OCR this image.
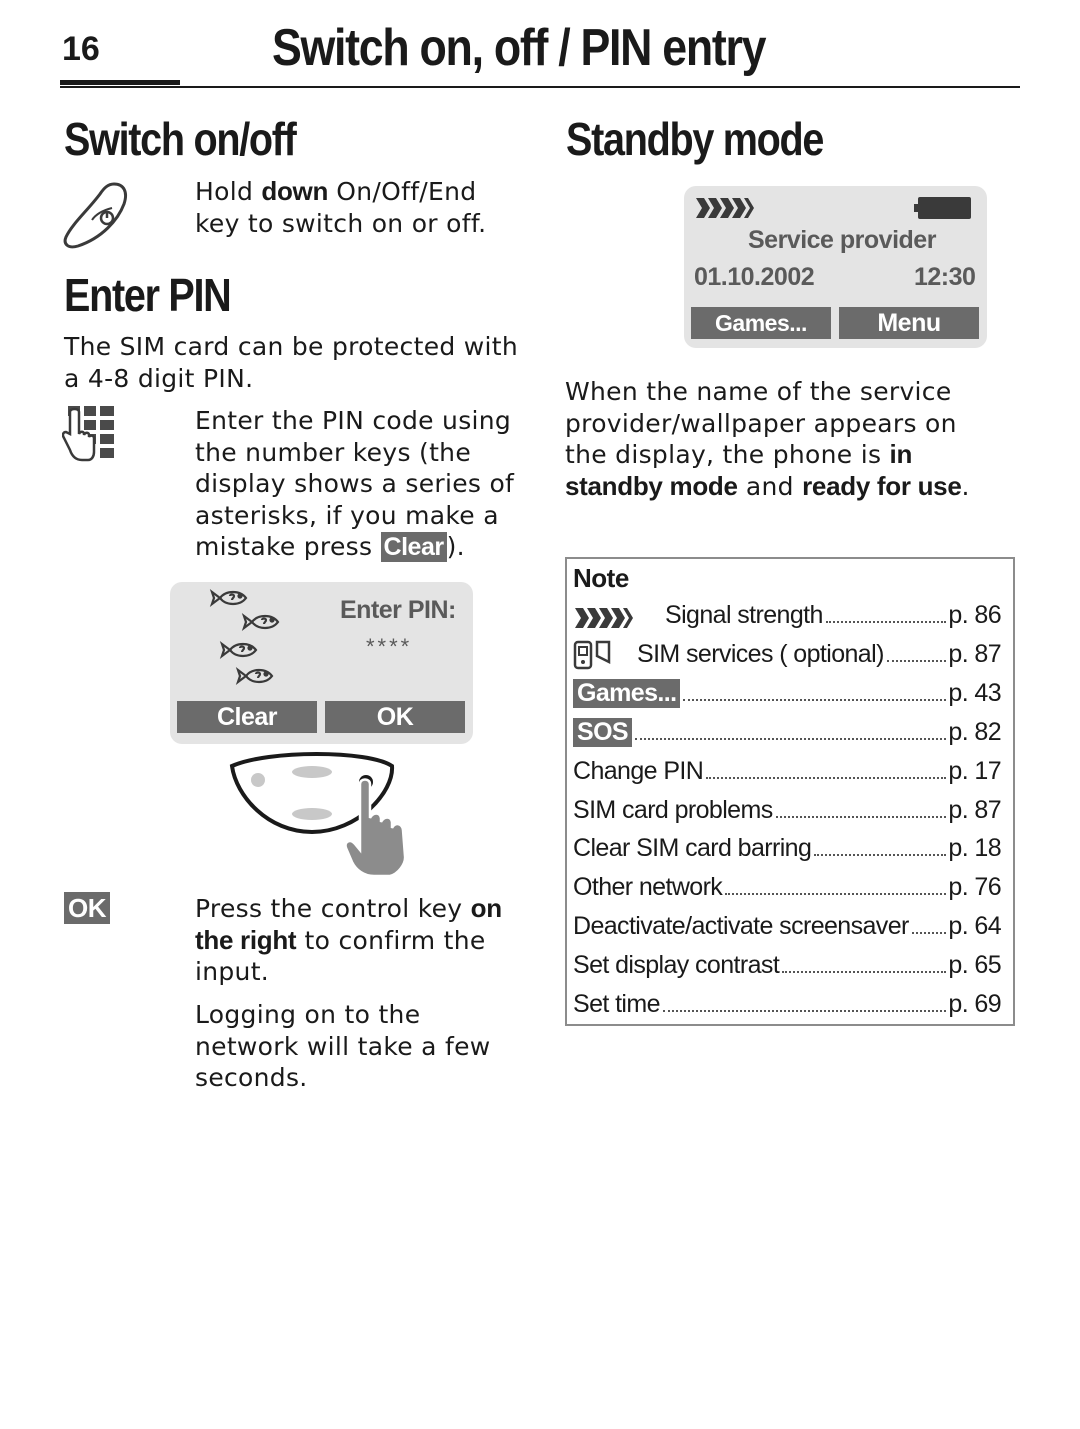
16	Switch on, off / PIN entry
Switch on/off
Hold down On/Off/End key to switch on or off.
Enter PIN
The SIM card can be protected with a 4-8 digit PIN.
Enter the PIN code using the number keys (the display shows a series of asterisks, if you make a mistake press Clear ).
Enter PIN:
****
Clear	OK
OK	Press the control key on the right to confirm the input.
Logging on to the network will take a few seconds.
Standby mode
Service provider
01.10.2002	12:30
Games...	Menu
When the name of the service provider/wallpaper appears on the display, the phone is in standby mode and ready for use.
Note
Signal strength	p. 86
SIM services ( optional)	p. 87
Games...	p. 43
SOS	p. 82
Change PIN	p. 17
SIM card problems	p. 87
Clear SIM card barring	p. 18
Other network	p. 76
Deactivate/activate screensaver p. 64
Set display contrast	p. 65
Set time	p. 69
